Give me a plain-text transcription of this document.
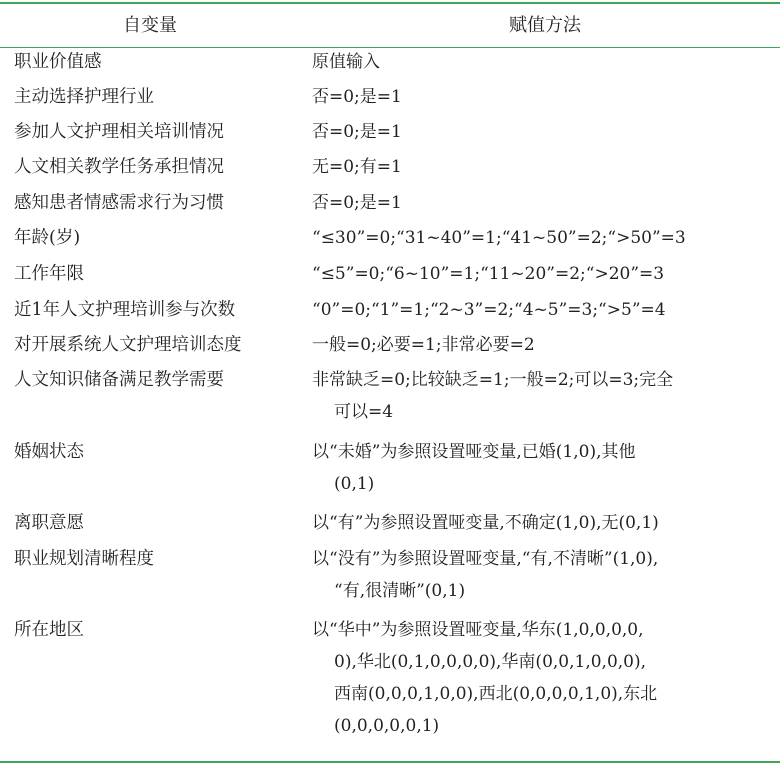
自变量	赋值方法
职业价值感	原值输入
主动选择护理行业	否=0;是=1
参加人文护理相关培训情况	否=0;是=1
人文相关教学任务承担情况	无=0;有=1
感知患者情感需求行为习惯	否=0;是=1
年龄(岁)	“≤30”=0;“31~40”=1;“41~50”=2;“>50”=3
工作年限	“≤5”=0;“6~10”=1;“11~20”=2;“>20”=3
近1年人文护理培训参与次数	“0”=0;“1”=1;“2~3”=2;“4~5”=3;“>5”=4
对开展系统人文护理培训态度	一般=0;必要=1;非常必要=2
人文知识储备满足教学需要	非常缺乏=0;比较缺乏=1;一般=2;可以=3;完全
可以=4
婚姻状态	以“未婚”为参照设置哑变量,已婚(1,0),其他
(0,1)
离职意愿	以“有”为参照设置哑变量,不确定(1,0),无(0,1)
职业规划清晰程度	以“没有”为参照设置哑变量,“有,不清晰”(1,0),
“有,很清晰”(0,1)
所在地区	以“华中”为参照设置哑变量,华东(1,0,0,0,0,
0),华北(0,1,0,0,0,0),华南(0,0,1,0,0,0),
西南(0,0,0,1,0,0),西北(0,0,0,0,1,0),东北
(0,0,0,0,0,1)
